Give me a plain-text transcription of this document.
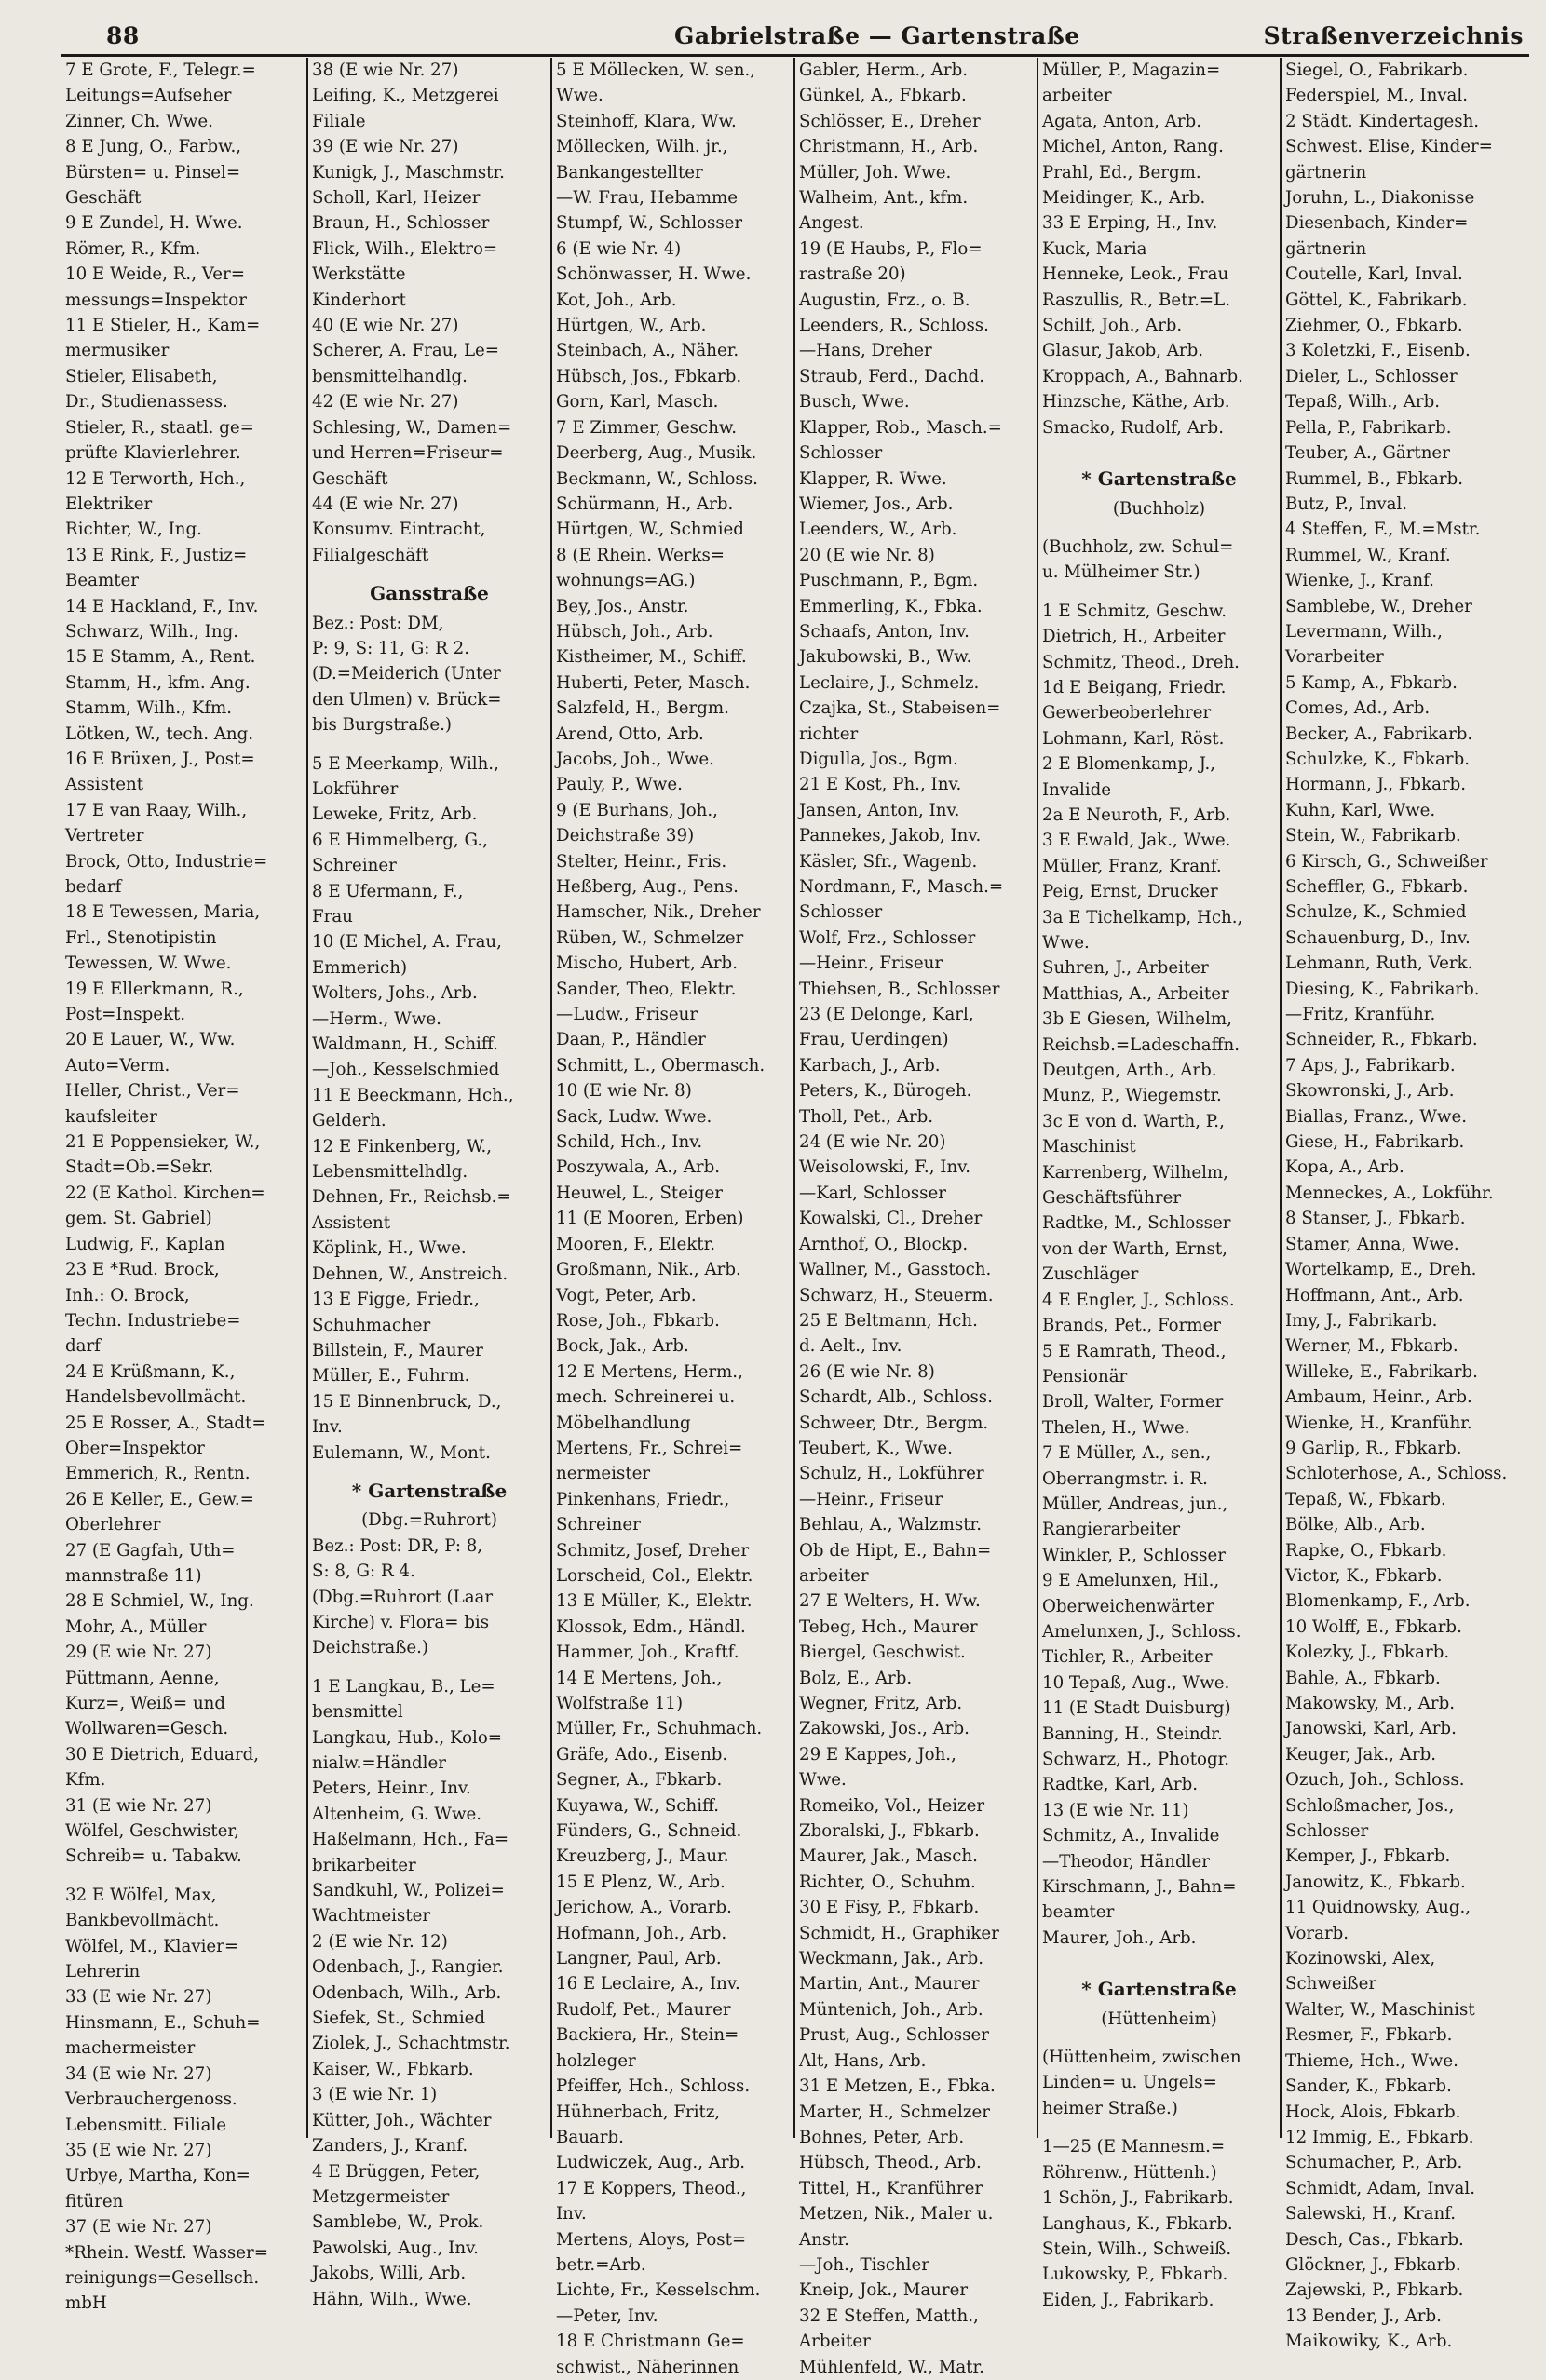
88	Gabrielstraße — Gartenstraße	Straßenverzeichnis
7 E Grote, F., Telegr.=
Leitungs=Aufseher
Zinner, Ch. Wwe.
8 E Jung, O., Farbw.,
Bürsten= u. Pinsel=
Geschäft
9 E Zundel, H. Wwe.
Römer, R., Kfm.
10 E Weide, R., Ver=
messungs=Inspektor
11 E Stieler, H., Kam=
mermusiker
Stieler, Elisabeth,
Dr., Studienassess.
Stieler, R., staatl. ge=
prüfte Klavierlehrer.
12 E Terworth, Hch.,
Elektriker
Richter, W., Ing.
13 E Rink, F., Justiz=
Beamter
14 E Hackland, F., Inv.
Schwarz, Wilh., Ing.
15 E Stamm, A., Rent.
Stamm, H., kfm. Ang.
Stamm, Wilh., Kfm.
Lötken, W., tech. Ang.
16 E Brüxen, J., Post=
Assistent
17 E van Raay, Wilh.,
Vertreter
Brock, Otto, Industrie=
bedarf
18 E Tewessen, Maria,
Frl., Stenotipistin
Tewessen, W. Wwe.
19 E Ellerkmann, R.,
Post=Inspekt.
20 E Lauer, W., Ww.
Auto=Verm.
Heller, Christ., Ver=
kaufsleiter
21 E Poppensieker, W.,
Stadt=Ob.=Sekr.
22 (E Kathol. Kirchen=
gem. St. Gabriel)
Ludwig, F., Kaplan
23 E *Rud. Brock,
Inh.: O. Brock,
Techn. Industriebe=
darf
24 E Krüßmann, K.,
Handelsbevollmächt.
25 E Rosser, A., Stadt=
Ober=Inspektor
Emmerich, R., Rentn.
26 E Keller, E., Gew.=
Oberlehrer
27 (E Gagfah, Uth=
mannstraße 11)
28 E Schmiel, W., Ing.
Mohr, A., Müller
29 (E wie Nr. 27)
Püttmann, Aenne,
Kurz=, Weiß= und
Wollwaren=Gesch.
30 E Dietrich, Eduard,
Kfm.
31 (E wie Nr. 27)
Wölfel, Geschwister,
Schreib= u. Tabakw.
32 E Wölfel, Max,
Bankbevollmächt.
Wölfel, M., Klavier=
Lehrerin
33 (E wie Nr. 27)
Hinsmann, E., Schuh=
machermeister
34 (E wie Nr. 27)
Verbrauchergenoss.
Lebensmitt. Filiale
35 (E wie Nr. 27)
Urbye, Martha, Kon=
fitüren
37 (E wie Nr. 27)
*Rhein. Westf. Wasser=
reinigungs=Gesellsch.
mbH
38 (E wie Nr. 27)
Leifing, K., Metzgerei
Filiale
39 (E wie Nr. 27)
Kunigk, J., Maschmstr.
Scholl, Karl, Heizer
Braun, H., Schlosser
Flick, Wilh., Elektro=
Werkstätte
Kinderhort
40 (E wie Nr. 27)
Scherer, A. Frau, Le=
bensmittelhandlg.
42 (E wie Nr. 27)
Schlesing, W., Damen=
und Herren=Friseur=
Geschäft
44 (E wie Nr. 27)
Konsumv. Eintracht,
Filialgeschäft
Gansstraße
Bez.: Post: DM,
P: 9, S: 11, G: R 2.
(D.=Meiderich (Unter
den Ulmen) v. Brück=
bis Burgstraße.)
5 E Meerkamp, Wilh.,
Lokführer
Leweke, Fritz, Arb.
6 E Himmelberg, G.,
Schreiner
8 E Ufermann, F.,
Frau
10 (E Michel, A. Frau,
Emmerich)
Wolters, Johs., Arb.
—Herm., Wwe.
Waldmann, H., Schiff.
—Joh., Kesselschmied
11 E Beeckmann, Hch.,
Gelderh.
12 E Finkenberg, W.,
Lebensmittelhdlg.
Dehnen, Fr., Reichsb.=
Assistent
Köplink, H., Wwe.
Dehnen, W., Anstreich.
13 E Figge, Friedr.,
Schuhmacher
Billstein, F., Maurer
Müller, E., Fuhrm.
15 E Binnenbruck, D.,
Inv.
Eulemann, W., Mont.
* Gartenstraße
(Dbg.=Ruhrort)
Bez.: Post: DR, P: 8,
S: 8, G: R 4.
(Dbg.=Ruhrort (Laar
Kirche) v. Flora= bis
Deichstraße.)
1 E Langkau, B., Le=
bensmittel
Langkau, Hub., Kolo=
nialw.=Händler
Peters, Heinr., Inv.
Altenheim, G. Wwe.
Haßelmann, Hch., Fa=
brikarbeiter
Sandkuhl, W., Polizei=
Wachtmeister
2 (E wie Nr. 12)
Odenbach, J., Rangier.
Odenbach, Wilh., Arb.
Siefek, St., Schmied
Ziolek, J., Schachtmstr.
Kaiser, W., Fbkarb.
3 (E wie Nr. 1)
Kütter, Joh., Wächter
Zanders, J., Kranf.
4 E Brüggen, Peter,
Metzgermeister
Samblebe, W., Prok.
Pawolski, Aug., Inv.
Jakobs, Willi, Arb.
Hähn, Wilh., Wwe.
5 E Möllecken, W. sen.,
Wwe.
Steinhoff, Klara, Ww.
Möllecken, Wilh. jr.,
Bankangestellter
—W. Frau, Hebamme
Stumpf, W., Schlosser
6 (E wie Nr. 4)
Schönwasser, H. Wwe.
Kot, Joh., Arb.
Hürtgen, W., Arb.
Steinbach, A., Näher.
Hübsch, Jos., Fbkarb.
Gorn, Karl, Masch.
7 E Zimmer, Geschw.
Deerberg, Aug., Musik.
Beckmann, W., Schloss.
Schürmann, H., Arb.
Hürtgen, W., Schmied
8 (E Rhein. Werks=
wohnungs=AG.)
Bey, Jos., Anstr.
Hübsch, Joh., Arb.
Kistheimer, M., Schiff.
Huberti, Peter, Masch.
Salzfeld, H., Bergm.
Arend, Otto, Arb.
Jacobs, Joh., Wwe.
Pauly, P., Wwe.
9 (E Burhans, Joh.,
Deichstraße 39)
Stelter, Heinr., Fris.
Heßberg, Aug., Pens.
Hamscher, Nik., Dreher
Rüben, W., Schmelzer
Mischo, Hubert, Arb.
Sander, Theo, Elektr.
—Ludw., Friseur
Daan, P., Händler
Schmitt, L., Obermasch.
10 (E wie Nr. 8)
Sack, Ludw. Wwe.
Schild, Hch., Inv.
Poszywala, A., Arb.
Heuwel, L., Steiger
11 (E Mooren, Erben)
Mooren, F., Elektr.
Großmann, Nik., Arb.
Vogt, Peter, Arb.
Rose, Joh., Fbkarb.
Bock, Jak., Arb.
12 E Mertens, Herm.,
mech. Schreinerei u.
Möbelhandlung
Mertens, Fr., Schrei=
nermeister
Pinkenhans, Friedr.,
Schreiner
Schmitz, Josef, Dreher
Lorscheid, Col., Elektr.
13 E Müller, K., Elektr.
Klossok, Edm., Händl.
Hammer, Joh., Kraftf.
14 E Mertens, Joh.,
Wolfstraße 11)
Müller, Fr., Schuhmach.
Gräfe, Ado., Eisenb.
Segner, A., Fbkarb.
Kuyawa, W., Schiff.
Fünders, G., Schneid.
Kreuzberg, J., Maur.
15 E Plenz, W., Arb.
Jerichow, A., Vorarb.
Hofmann, Joh., Arb.
Langner, Paul, Arb.
16 E Leclaire, A., Inv.
Rudolf, Pet., Maurer
Backiera, Hr., Stein=
holzleger
Pfeiffer, Hch., Schloss.
Hühnerbach, Fritz,
Bauarb.
Ludwiczek, Aug., Arb.
17 E Koppers, Theod.,
Inv.
Mertens, Aloys, Post=
betr.=Arb.
Lichte, Fr., Kesselschm.
—Peter, Inv.
18 E Christmann Ge=
schwist., Näherinnen
Gabler, Herm., Arb.
Günkel, A., Fbkarb.
Schlösser, E., Dreher
Christmann, H., Arb.
Müller, Joh. Wwe.
Walheim, Ant., kfm.
Angest.
19 (E Haubs, P., Flo=
rastraße 20)
Augustin, Frz., o. B.
Leenders, R., Schloss.
—Hans, Dreher
Straub, Ferd., Dachd.
Busch, Wwe.
Klapper, Rob., Masch.=
Schlosser
Klapper, R. Wwe.
Wiemer, Jos., Arb.
Leenders, W., Arb.
20 (E wie Nr. 8)
Puschmann, P., Bgm.
Emmerling, K., Fbka.
Schaafs, Anton, Inv.
Jakubowski, B., Ww.
Leclaire, J., Schmelz.
Czajka, St., Stabeisen=
richter
Digulla, Jos., Bgm.
21 E Kost, Ph., Inv.
Jansen, Anton, Inv.
Pannekes, Jakob, Inv.
Käsler, Sfr., Wagenb.
Nordmann, F., Masch.=
Schlosser
Wolf, Frz., Schlosser
—Heinr., Friseur
Thiehsen, B., Schlosser
23 (E Delonge, Karl,
Frau, Uerdingen)
Karbach, J., Arb.
Peters, K., Bürogeh.
Tholl, Pet., Arb.
24 (E wie Nr. 20)
Weisolowski, F., Inv.
—Karl, Schlosser
Kowalski, Cl., Dreher
Arnthof, O., Blockp.
Wallner, M., Gasstoch.
Schwarz, H., Steuerm.
25 E Beltmann, Hch.
d. Aelt., Inv.
26 (E wie Nr. 8)
Schardt, Alb., Schloss.
Schweer, Dtr., Bergm.
Teubert, K., Wwe.
Schulz, H., Lokführer
—Heinr., Friseur
Behlau, A., Walzmstr.
Ob de Hipt, E., Bahn=
arbeiter
27 E Welters, H. Ww.
Tebeg, Hch., Maurer
Biergel, Geschwist.
Bolz, E., Arb.
Wegner, Fritz, Arb.
Zakowski, Jos., Arb.
29 E Kappes, Joh.,
Wwe.
Romeiko, Vol., Heizer
Zboralski, J., Fbkarb.
Maurer, Jak., Masch.
Richter, O., Schuhm.
30 E Fisy, P., Fbkarb.
Schmidt, H., Graphiker
Weckmann, Jak., Arb.
Martin, Ant., Maurer
Müntenich, Joh., Arb.
Prust, Aug., Schlosser
Alt, Hans, Arb.
31 E Metzen, E., Fbka.
Marter, H., Schmelzer
Bohnes, Peter, Arb.
Hübsch, Theod., Arb.
Tittel, H., Kranführer
Metzen, Nik., Maler u.
Anstr.
—Joh., Tischler
Kneip, Jok., Maurer
32 E Steffen, Matth.,
Arbeiter
Mühlenfeld, W., Matr.
Müller, P., Magazin=
arbeiter
Agata, Anton, Arb.
Michel, Anton, Rang.
Prahl, Ed., Bergm.
Meidinger, K., Arb.
33 E Erping, H., Inv.
Kuck, Maria
Henneke, Leok., Frau
Raszullis, R., Betr.=L.
Schilf, Joh., Arb.
Glasur, Jakob, Arb.
Kroppach, A., Bahnarb.
Hinzsche, Käthe, Arb.
Smacko, Rudolf, Arb.
* Gartenstraße
(Buchholz)
(Buchholz, zw. Schul=
u. Mülheimer Str.)
1 E Schmitz, Geschw.
Dietrich, H., Arbeiter
Schmitz, Theod., Dreh.
1d E Beigang, Friedr.
Gewerbeoberlehrer
Lohmann, Karl, Röst.
2 E Blomenkamp, J.,
Invalide
2a E Neuroth, F., Arb.
3 E Ewald, Jak., Wwe.
Müller, Franz, Kranf.
Peig, Ernst, Drucker
3a E Tichelkamp, Hch.,
Wwe.
Suhren, J., Arbeiter
Matthias, A., Arbeiter
3b E Giesen, Wilhelm,
Reichsb.=Ladeschaffn.
Deutgen, Arth., Arb.
Munz, P., Wiegemstr.
3c E von d. Warth, P.,
Maschinist
Karrenberg, Wilhelm,
Geschäftsführer
Radtke, M., Schlosser
von der Warth, Ernst,
Zuschläger
4 E Engler, J., Schloss.
Brands, Pet., Former
5 E Ramrath, Theod.,
Pensionär
Broll, Walter, Former
Thelen, H., Wwe.
7 E Müller, A., sen.,
Oberrangmstr. i. R.
Müller, Andreas, jun.,
Rangierarbeiter
Winkler, P., Schlosser
9 E Amelunxen, Hil.,
Oberweichenwärter
Amelunxen, J., Schloss.
Tichler, R., Arbeiter
10 Tepaß, Aug., Wwe.
11 (E Stadt Duisburg)
Banning, H., Steindr.
Schwarz, H., Photogr.
Radtke, Karl, Arb.
13 (E wie Nr. 11)
Schmitz, A., Invalide
—Theodor, Händler
Kirschmann, J., Bahn=
beamter
Maurer, Joh., Arb.
* Gartenstraße
(Hüttenheim)
(Hüttenheim, zwischen
Linden= u. Ungels=
heimer Straße.)
1—25 (E Mannesm.=
Röhrenw., Hüttenh.)
1 Schön, J., Fabrikarb.
Langhaus, K., Fbkarb.
Stein, Wilh., Schweiß.
Lukowsky, P., Fbkarb.
Eiden, J., Fabrikarb.
Siegel, O., Fabrikarb.
Federspiel, M., Inval.
2 Städt. Kindertagesh.
Schwest. Elise, Kinder=
gärtnerin
Joruhn, L., Diakonisse
Diesenbach, Kinder=
gärtnerin
Coutelle, Karl, Inval.
Göttel, K., Fabrikarb.
Ziehmer, O., Fbkarb.
3 Koletzki, F., Eisenb.
Dieler, L., Schlosser
Tepaß, Wilh., Arb.
Pella, P., Fabrikarb.
Teuber, A., Gärtner
Rummel, B., Fbkarb.
Butz, P., Inval.
4 Steffen, F., M.=Mstr.
Rummel, W., Kranf.
Wienke, J., Kranf.
Samblebe, W., Dreher
Levermann, Wilh.,
Vorarbeiter
5 Kamp, A., Fbkarb.
Comes, Ad., Arb.
Becker, A., Fabrikarb.
Schulzke, K., Fbkarb.
Hormann, J., Fbkarb.
Kuhn, Karl, Wwe.
Stein, W., Fabrikarb.
6 Kirsch, G., Schweißer
Scheffler, G., Fbkarb.
Schulze, K., Schmied
Schauenburg, D., Inv.
Lehmann, Ruth, Verk.
Diesing, K., Fabrikarb.
—Fritz, Kranführ.
Schneider, R., Fbkarb.
7 Aps, J., Fabrikarb.
Skowronski, J., Arb.
Biallas, Franz., Wwe.
Giese, H., Fabrikarb.
Kopa, A., Arb.
Menneckes, A., Lokführ.
8 Stanser, J., Fbkarb.
Stamer, Anna, Wwe.
Wortelkamp, E., Dreh.
Hoffmann, Ant., Arb.
Imy, J., Fabrikarb.
Werner, M., Fbkarb.
Willeke, E., Fabrikarb.
Ambaum, Heinr., Arb.
Wienke, H., Kranführ.
9 Garlip, R., Fbkarb.
Schloterhose, A., Schloss.
Tepaß, W., Fbkarb.
Bölke, Alb., Arb.
Rapke, O., Fbkarb.
Victor, K., Fbkarb.
Blomenkamp, F., Arb.
10 Wolff, E., Fbkarb.
Kolezky, J., Fbkarb.
Bahle, A., Fbkarb.
Makowsky, M., Arb.
Janowski, Karl, Arb.
Keuger, Jak., Arb.
Ozuch, Joh., Schloss.
Schloßmacher, Jos.,
Schlosser
Kemper, J., Fbkarb.
Janowitz, K., Fbkarb.
11 Quidnowsky, Aug.,
Vorarb.
Kozinowski, Alex,
Schweißer
Walter, W., Maschinist
Resmer, F., Fbkarb.
Thieme, Hch., Wwe.
Sander, K., Fbkarb.
Hock, Alois, Fbkarb.
12 Immig, E., Fbkarb.
Schumacher, P., Arb.
Schmidt, Adam, Inval.
Salewski, H., Kranf.
Desch, Cas., Fbkarb.
Glöckner, J., Fbkarb.
Zajewski, P., Fbkarb.
13 Bender, J., Arb.
Maikowiky, K., Arb.
